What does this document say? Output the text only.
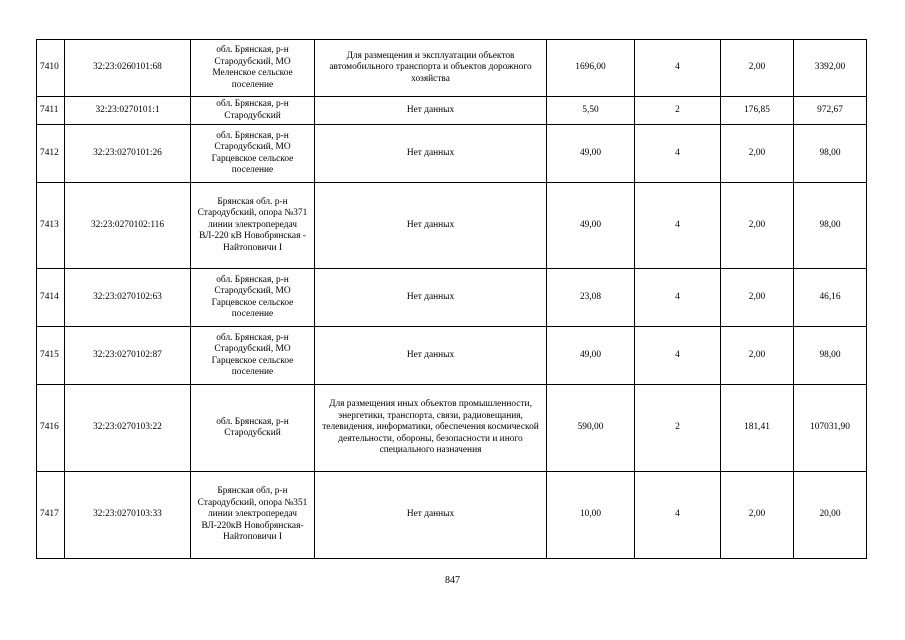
7410	32:23:0260101:68	обл. Брянская, р-н Стародубский, МО Меленское сельское поселение	Для размещения и эксплуатации объектов автомобильного транспорта и объектов дорожного хозяйства	1696,00	4	2,00	3392,00
7411	32:23:0270101:1	обл. Брянская, р-н Стародубский	Нет данных	5,50	2	176,85	972,67
7412	32:23:0270101:26	обл. Брянская, р-н Стародубский, МО Гарцевское сельское поселение	Нет данных	49,00	4	2,00	98,00
7413	32:23:0270102:116	Брянская обл. р-н Стародубский, опора №371 линии электропередач ВЛ-220 кВ Новобрянская - Найтоповичи I	Нет данных	49,00	4	2,00	98,00
7414	32:23:0270102:63	обл. Брянская, р-н Стародубский, МО Гарцевское сельское поселение	Нет данных	23,08	4	2,00	46,16
7415	32:23:0270102:87	обл. Брянская, р-н Стародубский, МО Гарцевское сельское поселение	Нет данных	49,00	4	2,00	98,00
7416	32:23:0270103:22	обл. Брянская, р-н Стародубский	Для размещения иных объектов промышленности, энергетики, транспорта, связи, радиовещания, телевидения, информатики, обеспечения космической деятельности, обороны, безопасности и иного специального назначения	590,00	2	181,41	107031,90
7417	32:23:0270103:33	Брянская обл, р-н Стародубский, опора №351 линии электропередач ВЛ-220кВ Новобрянская-Найтоповичи I	Нет данных	10,00	4	2,00	20,00
847
